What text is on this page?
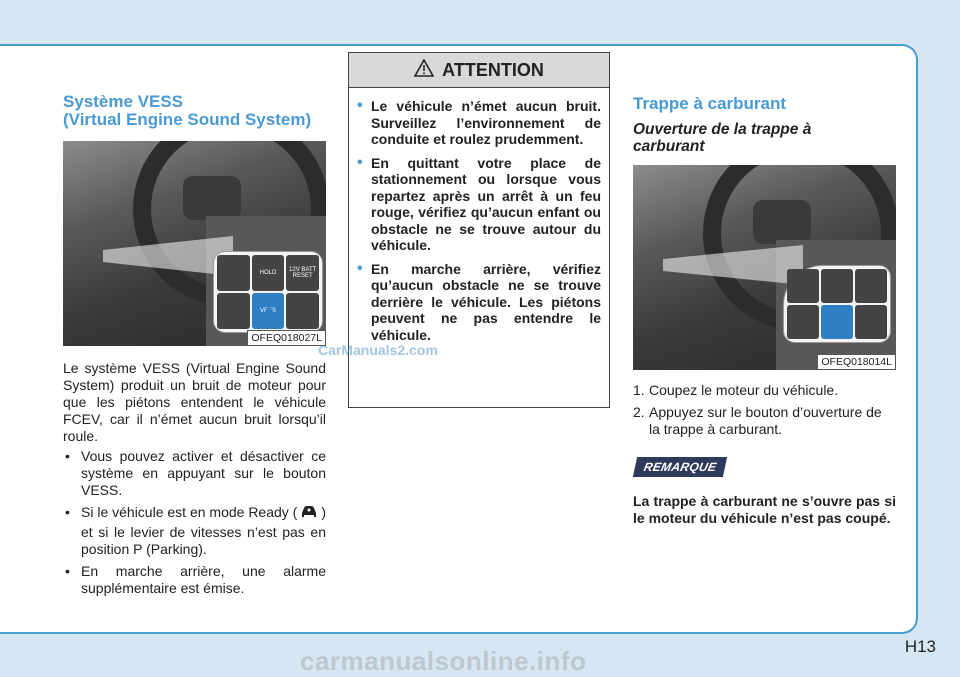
Système VESS
(Virtual Engine Sound System)

HOLD	12V BATT RESET
VESS
OFEQ018027L

Le système VESS (Virtual Engine Sound System) produit un bruit de moteur pour que les piétons entendent le véhicule FCEV, car il n’émet aucun bruit lorsqu’il roule.

• Vous pouvez activer et désactiver ce système en appuyant sur le bouton VESS.
• Si le véhicule est en mode Ready ( ) et si le levier de vitesses n’est pas en position P (Parking).
• En marche arrière, une alarme supplémentaire est émise.
ATTENTION
• Le véhicule n’émet aucun bruit. Surveillez l’environnement de conduite et roulez prudemment.
• En quittant votre place de stationnement ou lorsque vous repartez après un arrêt à un feu rouge, vérifiez qu’aucun enfant ou obstacle ne se trouve autour du véhicule.
• En marche arrière, vérifiez qu’aucun obstacle ne se trouve derrière le véhicule. Les piétons peuvent ne pas entendre le véhicule.

Trappe à carburant

Ouverture de la trappe à carburant

OFEQ018014L
1. Coupez le moteur du véhicule.
2. Appuyez sur le bouton d’ouverture de la trappe à carburant.
REMARQUE

La trappe à carburant ne s’ouvre pas si le moteur du véhicule n’est pas coupé.

CarManuals2.com
carmanualsonline.info	H13
